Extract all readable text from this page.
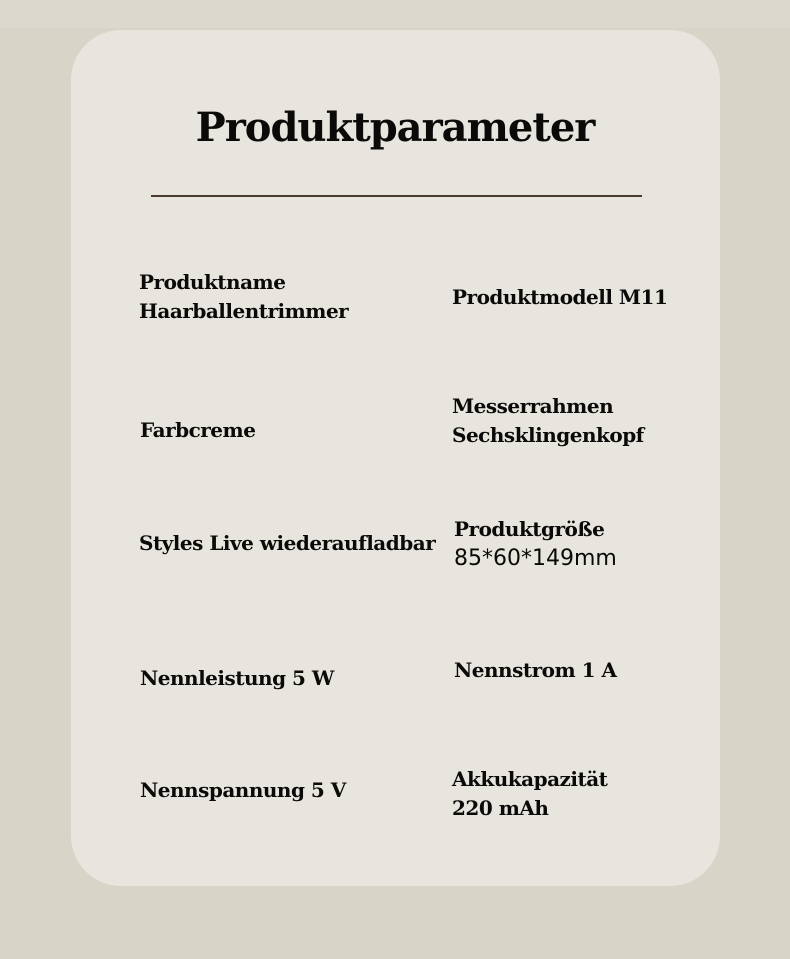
Produktparameter
Produktname
Haarballentrimmer
Produktmodell M11
Farbcreme
Messerrahmen
Sechsklingenkopf
Styles Live wiederaufladbar
Produktgröße
85*60*149mm
Nennleistung 5 W	Nennstrom 1 A
Nennspannung 5 V	Akkukapazität
220 mAh
